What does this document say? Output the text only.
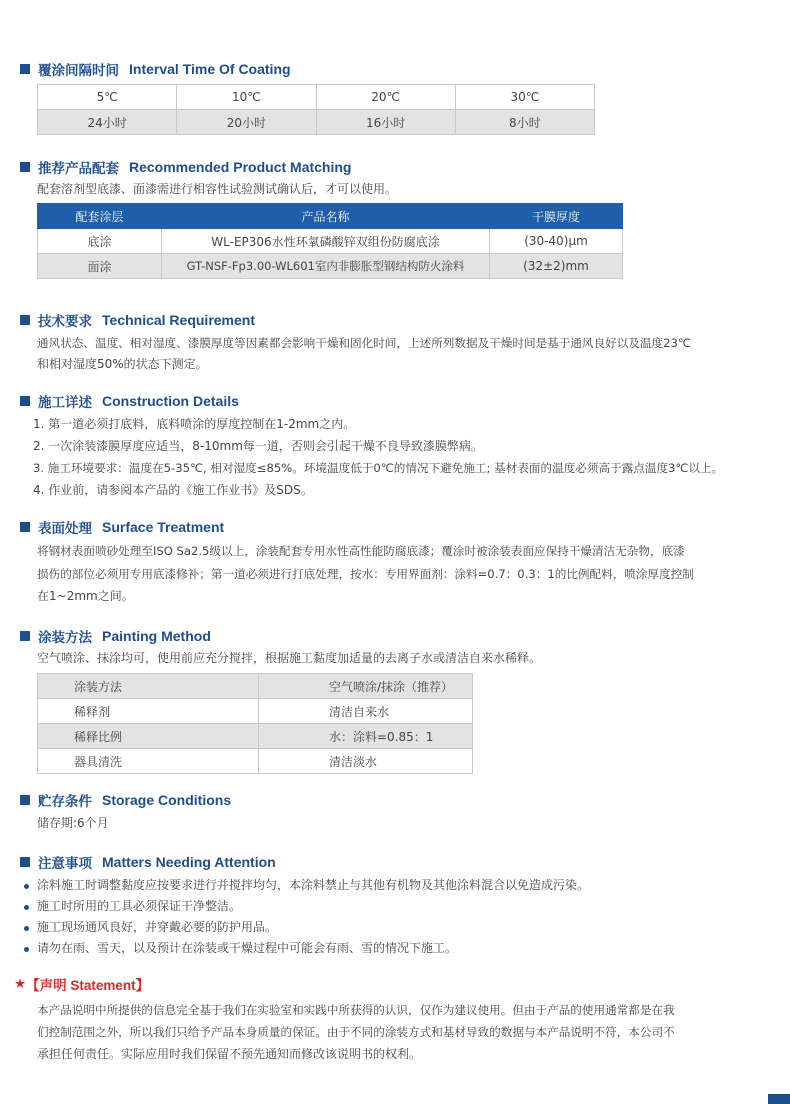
覆涂间隔时间 Interval Time Of Coating
5℃	10℃	20℃	30℃
24小时	20小时	16小时	8小时
推荐产品配套 Recommended Product Matching
配套溶剂型底漆、面漆需进行相容性试验测试确认后，才可以使用。
配套涂层	产品名称	干膜厚度
底涂	WL-EP306水性环氧磷酸锌双组份防腐底涂	(30-40)μm
面涂	GT-NSF-Fp3.00-WL601室内非膨胀型钢结构防火涂料	(32±2)mm
技术要求 Technical Requirement
通风状态、温度、相对湿度、漆膜厚度等因素都会影响干燥和固化时间，上述所列数据及干燥时间是基于通风良好以及温度23℃
和相对湿度50%的状态下测定。
施工详述 Construction Details
1. 第一道必须打底料，底料喷涂的厚度控制在1-2mm之内。
2. 一次涂装漆膜厚度应适当，8-10mm每一道，否则会引起干燥不良导致漆膜弊病。
3. 施工环境要求：温度在5-35℃, 相对湿度≤85%。环境温度低于0℃的情况下避免施工; 基材表面的温度必须高于露点温度3℃以上。
4. 作业前，请参阅本产品的《施工作业书》及SDS。
表面处理 Surface Treatment
将钢材表面喷砂处理至ISO Sa2.5级以上，涂装配套专用水性高性能防腐底漆；覆涂时被涂装表面应保持干燥清洁无杂物，底漆
损伤的部位必须用专用底漆修补；第一道必须进行打底处理，按水：专用界面剂：涂料=0.7：0.3：1的比例配料，喷涂厚度控制
在1~2mm之间。
涂装方法 Painting Method
空气喷涂、抹涂均可，使用前应充分搅拌，根据施工黏度加适量的去离子水或清洁自来水稀释。
涂装方法	空气喷涂/抹涂（推荐）
稀释剂	清洁自来水
稀释比例	水：涂料=0.85：1
器具清洗	清洁淡水
贮存条件 Storage Conditions
储存期:6个月
注意事项 Matters Needing Attention
涂料施工时调整黏度应按要求进行并搅拌均匀，本涂料禁止与其他有机物及其他涂料混合以免造成污染。
施工时所用的工具必须保证干净整洁。
施工现场通风良好，并穿戴必要的防护用品。
请勿在雨、雪天，以及预计在涂装或干燥过程中可能会有雨、雪的情况下施工。
★ 【声明 Statement】
本产品说明中所提供的信息完全基于我们在实验室和实践中所获得的认识，仅作为建议使用。但由于产品的使用通常都是在我
们控制范围之外，所以我们只给予产品本身质量的保证。由于不同的涂装方式和基材导致的数据与本产品说明不符，本公司不
承担任何责任。实际应用时我们保留不预先通知而修改该说明书的权利。
